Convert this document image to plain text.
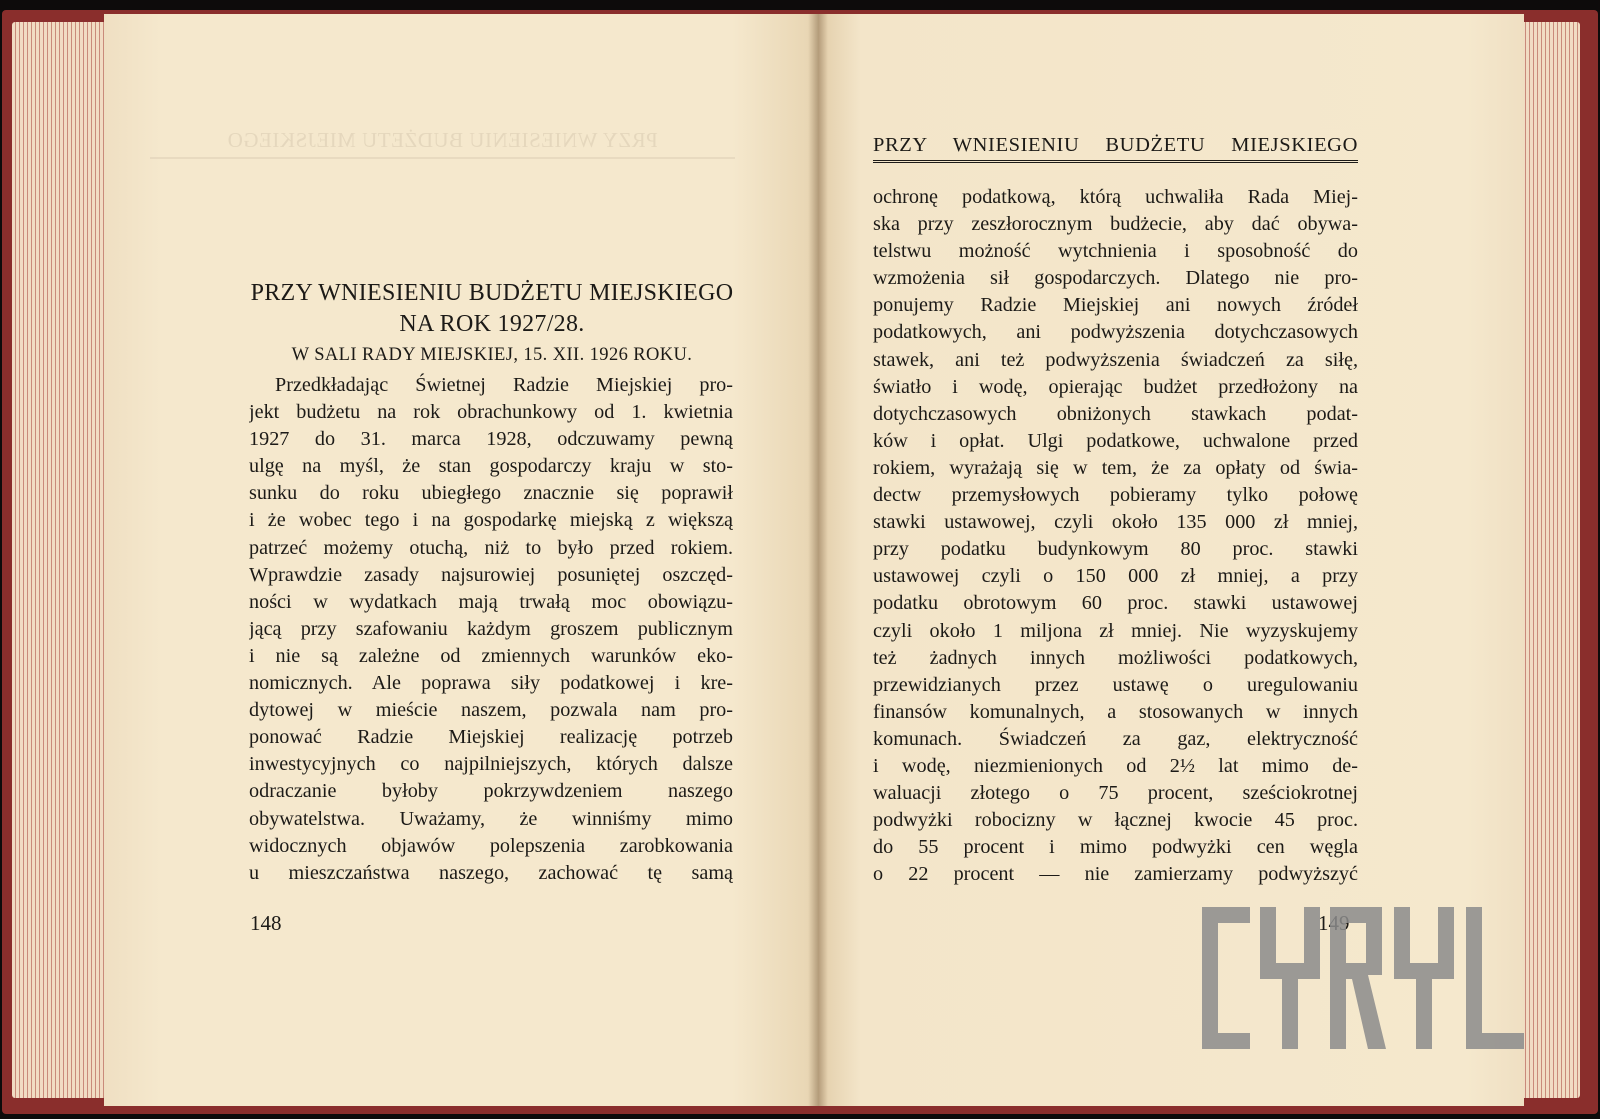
PRZY WNIESIENIU BUDŻETU MIEJSKIEGO
PRZY WNIESIENIU BUDŻETU MIEJSKIEGO
NA ROK 1927/28.
W SALI RADY MIEJSKIEJ, 15. XII. 1926 ROKU.
Przedkładając Świetnej Radzie Miejskiej pro-
jekt budżetu na rok obrachunkowy od 1. kwietnia
1927 do 31. marca 1928, odczuwamy pewną
ulgę na myśl, że stan gospodarczy kraju w sto-
sunku do roku ubiegłego znacznie się poprawił
i że wobec tego i na gospodarkę miejską z większą
patrzeć możemy otuchą, niż to było przed rokiem.
Wprawdzie zasady najsurowiej posuniętej oszczęd-
ności w wydatkach mają trwałą moc obowiązu-
jącą przy szafowaniu każdym groszem publicznym
i nie są zależne od zmiennych warunków eko-
nomicznych. Ale poprawa siły podatkowej i kre-
dytowej w mieście naszem, pozwala nam pro-
ponować Radzie Miejskiej realizację potrzeb
inwestycyjnych co najpilniejszych, których dalsze
odraczanie byłoby pokrzywdzeniem naszego
obywatelstwa. Uważamy, że winniśmy mimo
widocznych objawów polepszenia zarobkowania
u mieszczaństwa naszego, zachować tę samą
148
PRZY WNIESIENIU BUDŻETU MIEJSKIEGO
ochronę podatkową, którą uchwaliła Rada Miej-
ska przy zeszłorocznym budżecie, aby dać obywa-
telstwu możność wytchnienia i sposobność do
wzmożenia sił gospodarczych. Dlatego nie pro-
ponujemy Radzie Miejskiej ani nowych źródeł
podatkowych, ani podwyższenia dotychczasowych
stawek, ani też podwyższenia świadczeń za siłę,
światło i wodę, opierając budżet przedłożony na
dotychczasowych obniżonych stawkach podat-
ków i opłat. Ulgi podatkowe, uchwalone przed
rokiem, wyrażają się w tem, że za opłaty od świa-
dectw przemysłowych pobieramy tylko połowę
stawki ustawowej, czyli około 135 000 zł mniej,
przy podatku budynkowym 80 proc. stawki
ustawowej czyli o 150 000 zł mniej, a przy
podatku obrotowym 60 proc. stawki ustawowej
czyli około 1 miljona zł mniej. Nie wyzyskujemy
też żadnych innych możliwości podatkowych,
przewidzianych przez ustawę o uregulowaniu
finansów komunalnych, a stosowanych w innych
komunach. Świadczeń za gaz, elektryczność
i wodę, niezmienionych od 2½ lat mimo de-
waluacji złotego o 75 procent, sześciokrotnej
podwyżki robocizny w łącznej kwocie 45 proc.
do 55 procent i mimo podwyżki cen węgla
o 22 procent — nie zamierzamy podwyższyć
